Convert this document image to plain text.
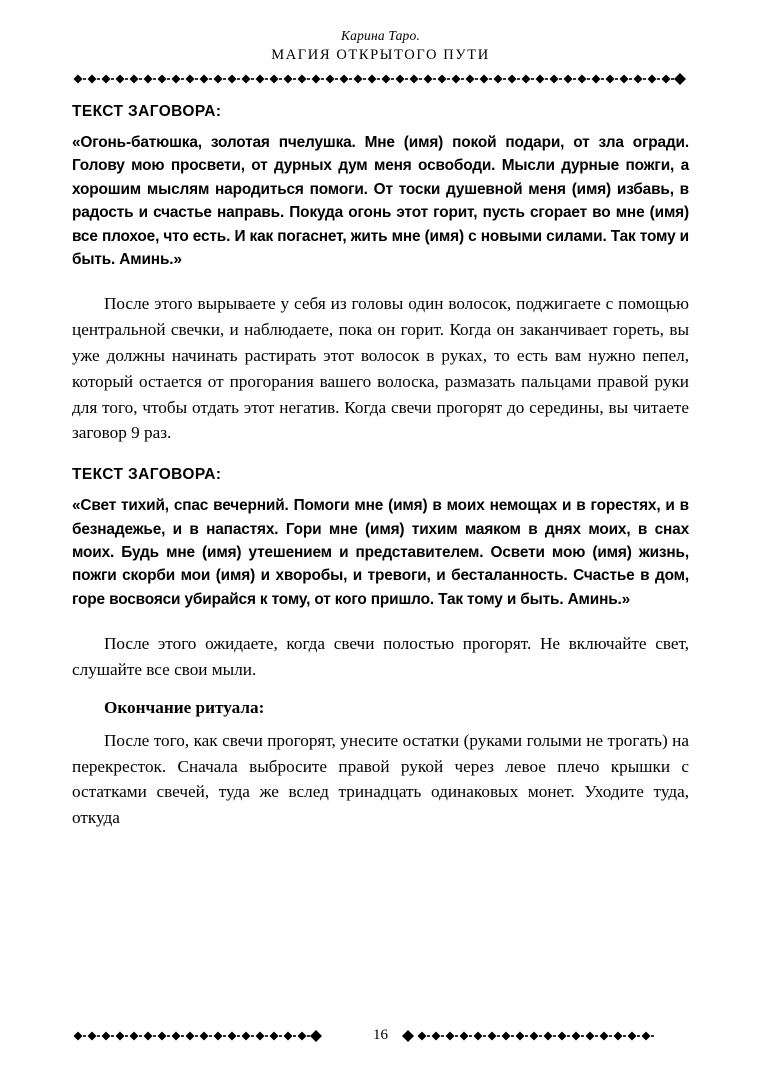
Карина Таро.
МАГИЯ ОТКРЫТОГО ПУТИ
ТЕКСТ ЗАГОВОРА:
«Огонь-батюшка, золотая пчелушка. Мне (имя) покой подари, от зла огради. Голову мою просвети, от дурных дум меня освободи. Мысли дурные пожги, а хорошим мыслям народиться помоги. От тоски душевной меня (имя) избавь, в радость и счастье направь. Покуда огонь этот горит, пусть сгорает во мне (имя) все плохое, что есть. И как погаснет, жить мне (имя) с новыми силами. Так тому и быть. Аминь.»

После этого вырываете у себя из головы один волосок, поджигаете с помощью центральной свечки, и наблюдаете, пока он горит. Когда он заканчивает гореть, вы уже должны начинать растирать этот волосок в руках, то есть вам нужно пепел, который остается от прогорания вашего волоска, размазать пальцами правой руки для того, чтобы отдать этот негатив. Когда свечи прогорят до середины, вы читаете заговор 9 раз.

ТЕКСТ ЗАГОВОРА:
«Свет тихий, спас вечерний. Помоги мне (имя) в моих немощах и в горестях, и в безнадежье, и в напастях. Гори мне (имя) тихим маяком в днях моих, в снах моих. Будь мне (имя) утешением и представителем. Освети мою (имя) жизнь, пожги скорби мои (имя) и хворобы, и тревоги, и бесталанность. Счастье в дом, горе восвояси убирайся к тому, от кого пришло. Так тому и быть. Аминь.»

После этого ожидаете, когда свечи полостью прогорят. Не включайте свет, слушайте все свои мыли.

Окончание ритуала:

После того, как свечи прогорят, унесите остатки (руками голыми не трогать) на перекресток. Сначала выбросите правой рукой через левое плечо крышки с остатками свечей, туда же вслед тринадцать одинаковых монет. Уходите туда, откуда

16
